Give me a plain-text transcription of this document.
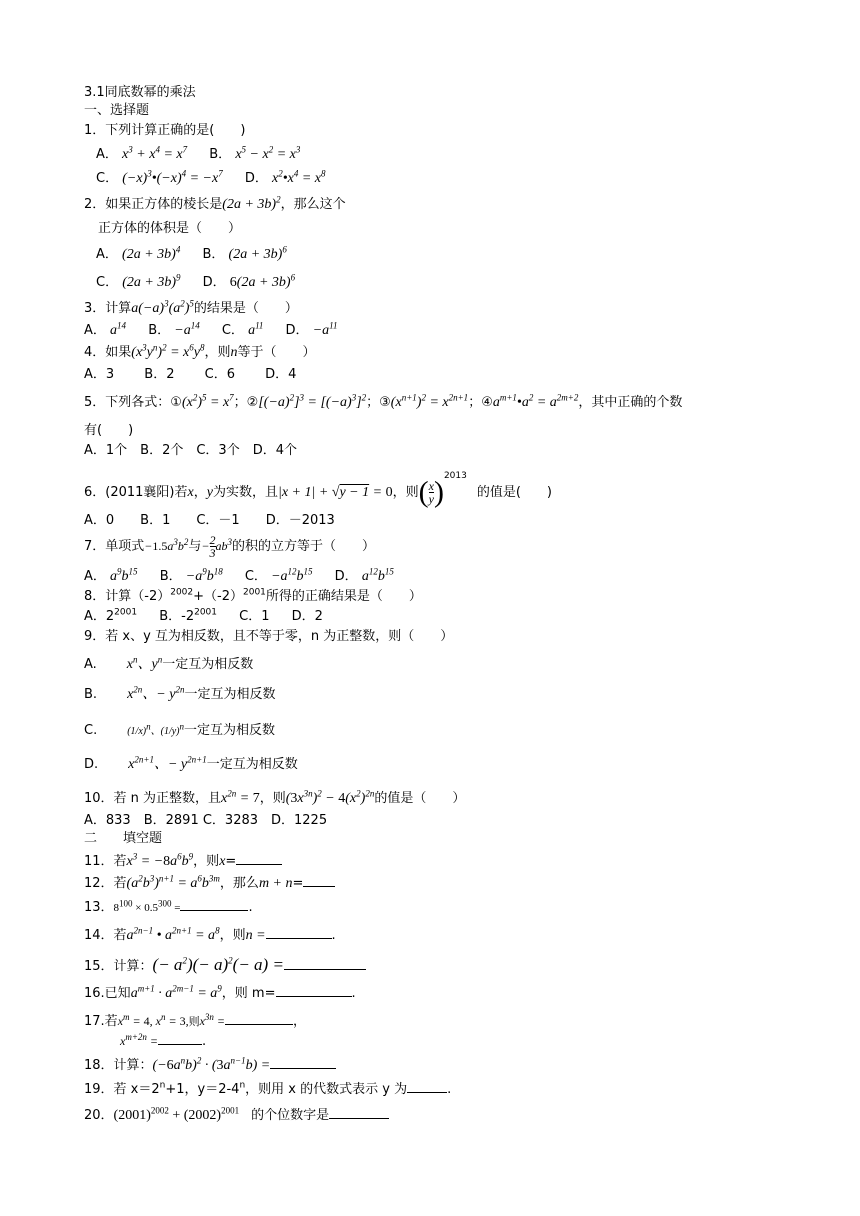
3.1同底数幂的乘法
一、选择题
1．下列计算正确的是(　　)
A． $x^3 + x^4 = x^7$ B． $x^5 - x^2 = x^3$
C． $(-x)^3•(-x)^4 = -x^7$ D． $x^2•x^4 = x^8$
2．如果正方体的棱长是$(2a + 3b)^2$，那么这个
正方体的体积是（　　）
A． $(2a + 3b)^4$ B． $(2a + 3b)^6$
C． $(2a + 3b)^9$ D． $6(2a + 3b)^6$
3．计算$a(-a)^3(a^2)^5$的结果是（　　）
A． $a^{14}$ B． $-a^{14}$ C． $a^{11}$ D． $-a^{11}$
4．如果$(x^3y^n)^2 = x^6y^8$，则n等于（　　）
A．3　　 B．2　　 C．6　　 D．4
5．下列各式：$①(x^2)^5 = x^7$；$②[(-a)^2]^3 = [(-a)^3]^2$；$③(x^{n+1})^2 = x^{2n+1}$；$④a^{m+1}•a^2 = a^{2m+2}$，其中正确的个数
有(　　)
A．1个　B．2个　C．3个　D．4个
6．(2011襄阳)若x，y为实数，且|x + 1| + √y − 1 = 0，则( $\frac{x}{y} )^{2013}$的值是(　　)
A．0　　B．1　　C．－1　　D．－2013
7．单项式$-1.5a^3b^2$与− $\frac{2}{3} ab^3$的积的立方等于（　　）
A． $a^9b^{15}$ B． $-a^9b^{18}$ C． $-a^{12}b^{15}$ D． $a^{12}b^{15}$
8．计算$(-2)^{2002}+(-2)^{2001}$所得的正确结果是（　　）
A．$2^{2001}$ B．$-2^{2001}$ C．1 D．2
9．若 x、y 互为相反数，且不等于零，n 为正整数，则（　　）
A. $x^n$、$y^n$一定互为相反数
B. $x^{2n}$、− $y^{2n}$一定互为相反数
C.	$(1/x)^n$、$(1/y)^n$一定互为相反数
D. $x^{2n+1}$、− $y^{2n+1}$一定互为相反数
10．若 n 为正整数，且$x^{2n} = 7$，则$(3x^{3n})^2 - 4(x^2)^{2n}$的值是（　　）
A．833　B．2891 C．3283　D．1225
二　　填空题
11．若$x^3 = -8a^6b^9$，则x=
12．若$(a^2b^3)^{n+1} = a^6b^{3m}$，那么m + n=
13．$8^{100} \times 0.5^{300}$ =	.
14．若$a^{2n-1}$ • $a^{2n+1} = a^8$，则n =	.
15．计算：(− $a^2)(- a)^2(- a)$ =
16.已知$a^{m+1} \cdot a^{2m-1} = a^9$，则 m=	.
17.若$x^m = 4$, $x^n = 3$,则$x^{3n}$ =	，
$x^{m+2n}$ =	.
18．计算：$(-6a^nb)^2 \cdot (3a^{n-1}b)$ =
19．若 $x=2^n+1$，$y=2-4^n$，则用 x 的代数式表示 y 为	.
20．$(2001)^{2002} + (2002)^{2001}$ 的个位数字是
